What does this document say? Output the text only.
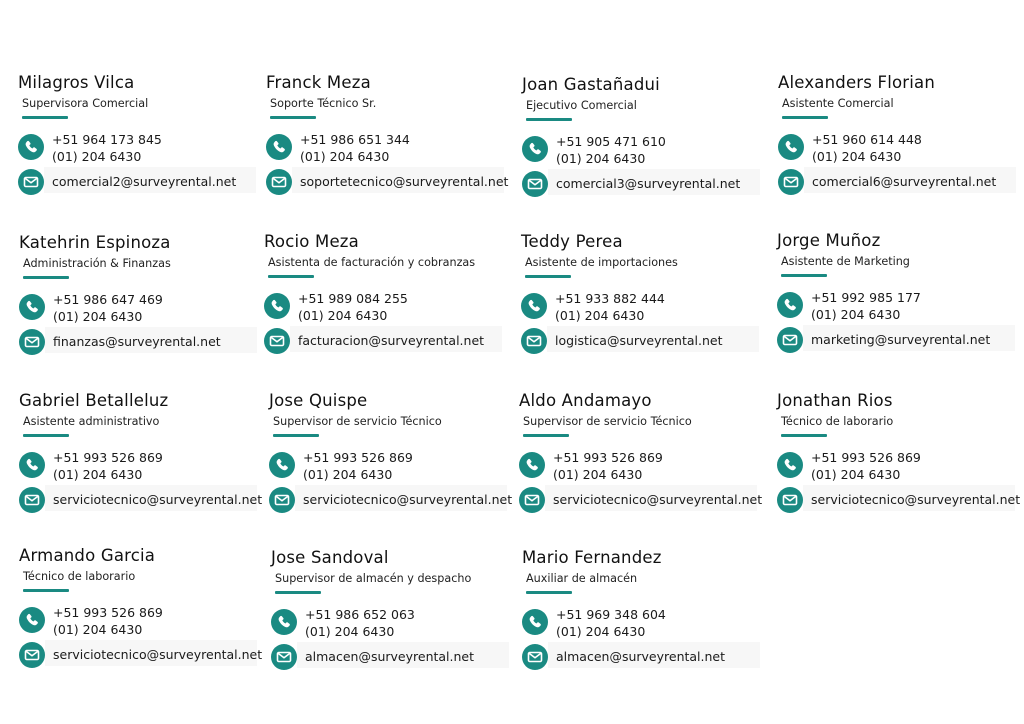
Milagros Vilca
Supervisora Comercial
+51 964 173 845
(01) 204 6430
comercial2@surveyrental.net
Franck Meza
Soporte Técnico Sr.
+51 986 651 344
(01) 204 6430
soportetecnico@surveyrental.net
Joan Gastañadui
Ejecutivo Comercial
+51 905 471 610
(01) 204 6430
comercial3@surveyrental.net
Alexanders Florian
Asistente Comercial
+51 960 614 448
(01) 204 6430
comercial6@surveyrental.net
Katehrin Espinoza
Administración & Finanzas
+51 986 647 469
(01) 204 6430
finanzas@surveyrental.net
Rocio Meza
Asistenta de facturación y cobranzas
+51 989 084 255
(01) 204 6430
facturacion@surveyrental.net
Teddy Perea
Asistente de importaciones
+51 933 882 444
(01) 204 6430
logistica@surveyrental.net
Jorge Muñoz
Asistente de Marketing
+51 992 985 177
(01) 204 6430
marketing@surveyrental.net
Gabriel Betalleluz
Asistente administrativo
+51 993 526 869
(01) 204 6430
serviciotecnico@surveyrental.net
Jose Quispe
Supervisor de servicio Técnico
+51 993 526 869
(01) 204 6430
serviciotecnico@surveyrental.net
Aldo Andamayo
Supervisor de servicio Técnico
+51 993 526 869
(01) 204 6430
serviciotecnico@surveyrental.net
Jonathan Rios
Técnico de laborario
+51 993 526 869
(01) 204 6430
serviciotecnico@surveyrental.net
Armando Garcia
Técnico de laborario
+51 993 526 869
(01) 204 6430
serviciotecnico@surveyrental.net
Jose Sandoval
Supervisor de almacén y despacho
+51 986 652 063
(01) 204 6430
almacen@surveyrental.net
Mario Fernandez
Auxiliar de almacén
+51 969 348 604
(01) 204 6430
almacen@surveyrental.net
